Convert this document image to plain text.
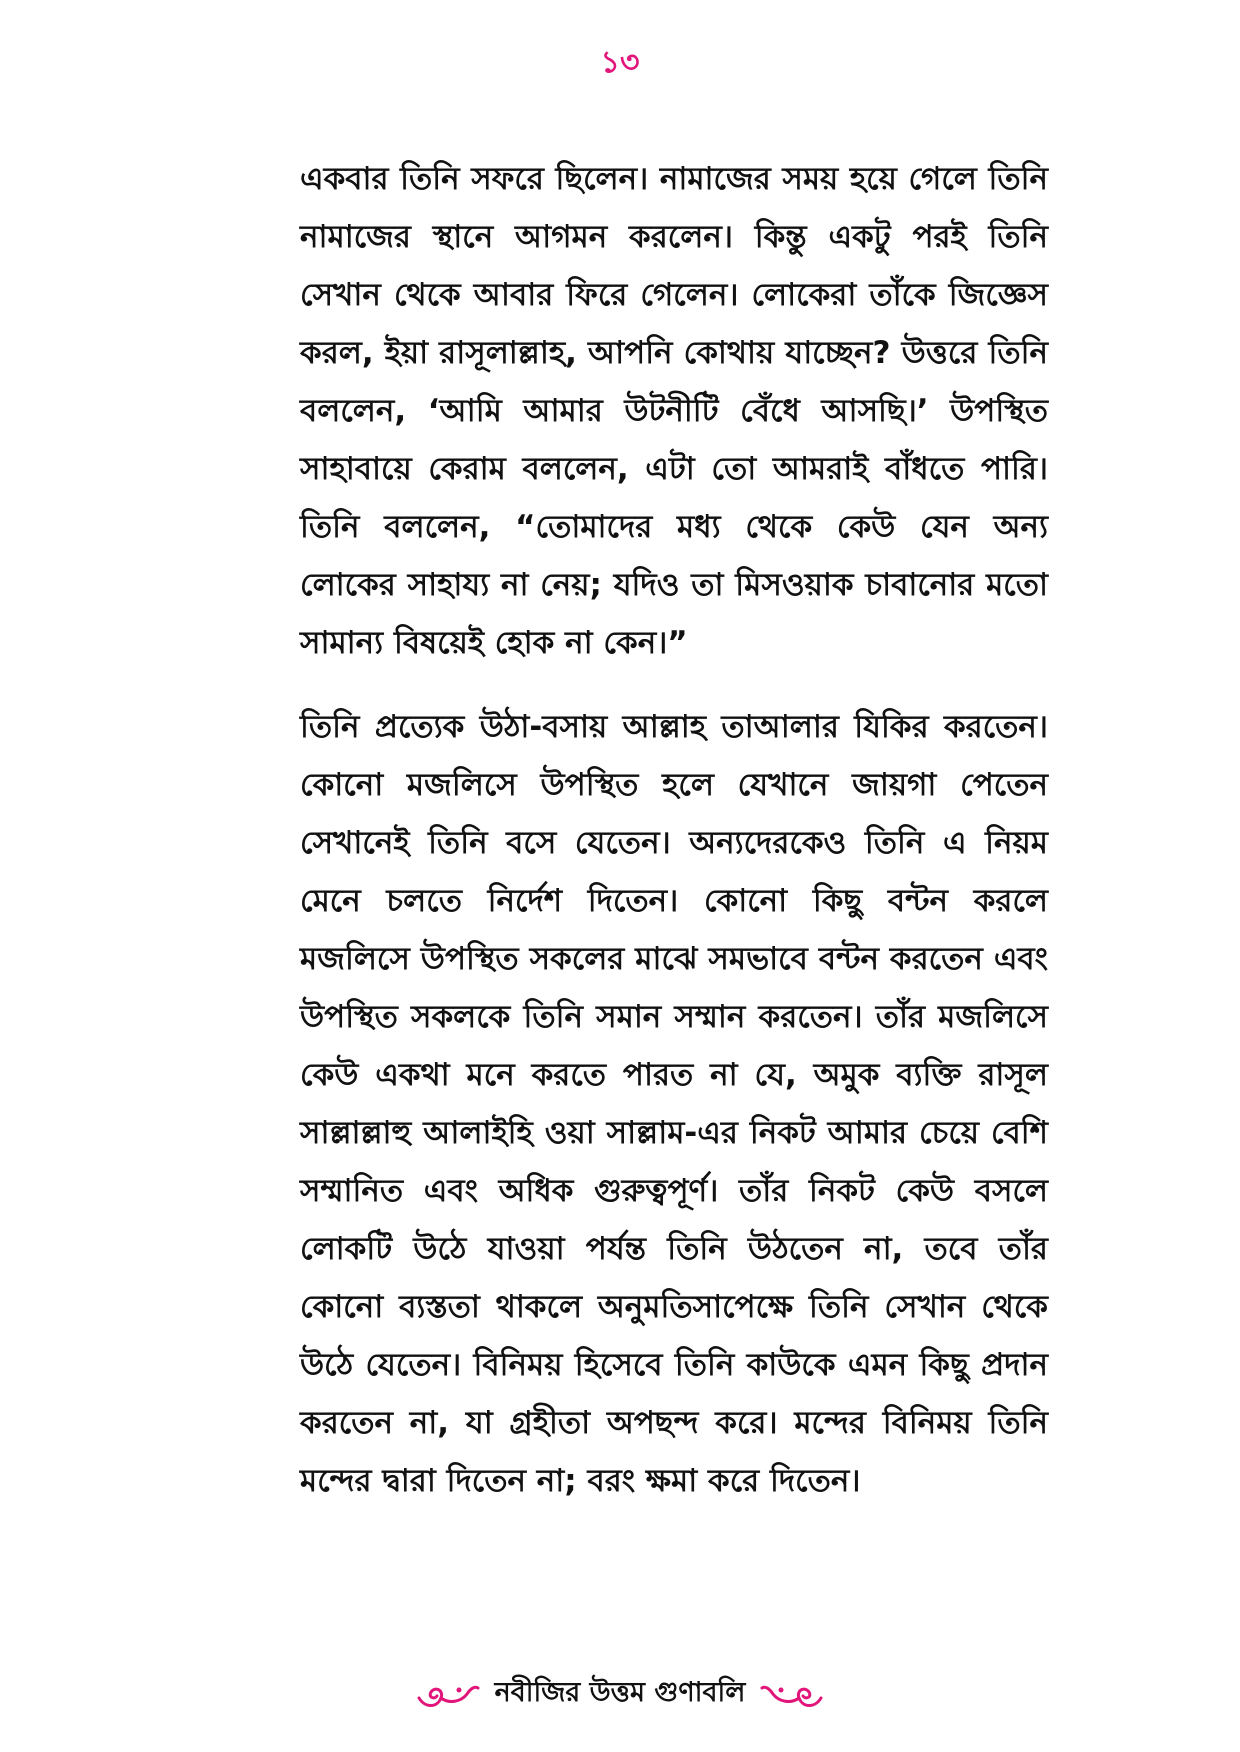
১৩

একবার তিনি সফরে ছিলেন। নামাজের সময় হয়ে গেলে তিনি নামাজের স্থানে আগমন করলেন। কিন্তু একটু পরই তিনি সেখান থেকে আবার ফিরে গেলেন। লোকেরা তাঁকে জিজ্ঞেস করল, ইয়া রাসূলাল্লাহ, আপনি কোথায় যাচ্ছেন? উত্তরে তিনি বললেন, ‘আমি আমার উটনীটি বেঁধে আসছি।’ উপস্থিত সাহাবায়ে কেরাম বললেন, এটা তো আমরাই বাঁধতে পারি। তিনি বললেন, “তোমাদের মধ্য থেকে কেউ যেন অন্য লোকের সাহায্য না নেয়; যদিও তা মিসওয়াক চাবানোর মতো সামান্য বিষয়েই হোক না কেন।”

তিনি প্রত্যেক উঠা-বসায় আল্লাহ তাআলার যিকির করতেন। কোনো মজলিসে উপস্থিত হলে যেখানে জায়গা পেতেন সেখানেই তিনি বসে যেতেন। অন্যদেরকেও তিনি এ নিয়ম মেনে চলতে নির্দেশ দিতেন। কোনো কিছু বন্টন করলে মজলিসে উপস্থিত সকলের মাঝে সমভাবে বন্টন করতেন এবং উপস্থিত সকলকে তিনি সমান সম্মান করতেন। তাঁর মজলিসে কেউ একথা মনে করতে পারত না যে, অমুক ব্যক্তি রাসূল সাল্লাল্লাহু আলাইহি ওয়া সাল্লাম-এর নিকট আমার চেয়ে বেশি সম্মানিত এবং অধিক গুরুত্বপূর্ণ। তাঁর নিকট কেউ বসলে লোকটি উঠে যাওয়া পর্যন্ত তিনি উঠতেন না, তবে তাঁর কোনো ব্যস্ততা থাকলে অনুমতিসাপেক্ষে তিনি সেখান থেকে উঠে যেতেন। বিনিময় হিসেবে তিনি কাউকে এমন কিছু প্রদান করতেন না, যা গ্রহীতা অপছন্দ করে। মন্দের বিনিময় তিনি মন্দের দ্বারা দিতেন না; বরং ক্ষমা করে দিতেন।

নবীজির উত্তম গুণাবলি
